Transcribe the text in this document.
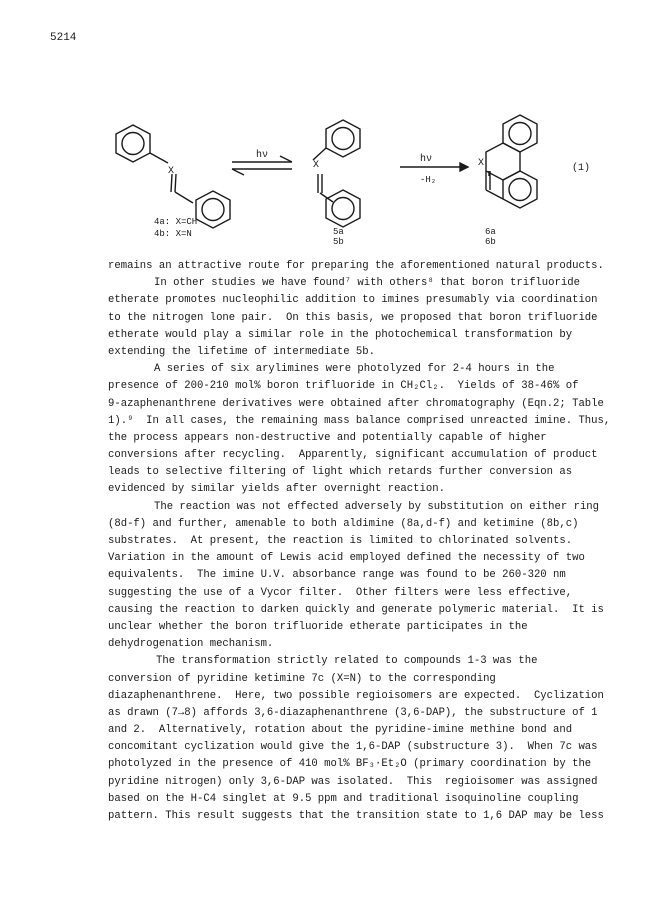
5214
X
X	X
hν	hν
-H₂
(1)
4a: X=CH
4b: X=N	5a
5b
6a
6b
remains an attractive route for preparing the aforementioned natural products.
In other studies we have found⁷ with others⁸ that boron trifluoride
etherate promotes nucleophilic addition to imines presumably via coordination
to the nitrogen lone pair.  On this basis, we proposed that boron trifluoride
etherate would play a similar role in the photochemical transformation by
extending the lifetime of intermediate 5b.
A series of six arylimines were photolyzed for 2-4 hours in the
presence of 200-210 mol% boron trifluoride in CH₂Cl₂.  Yields of 38-46% of
9-azaphenanthrene derivatives were obtained after chromatography (Eqn.2; Table
1).⁹  In all cases, the remaining mass balance comprised unreacted imine. Thus,
the process appears non-destructive and potentially capable of higher
conversions after recycling.  Apparently, significant accumulation of product
leads to selective filtering of light which retards further conversion as
evidenced by similar yields after overnight reaction.
The reaction was not effected adversely by substitution on either ring
(8d-f) and further, amenable to both aldimine (8a,d-f) and ketimine (8b,c)
substrates.  At present, the reaction is limited to chlorinated solvents.
Variation in the amount of Lewis acid employed defined the necessity of two
equivalents.  The imine U.V. absorbance range was found to be 260-320 nm
suggesting the use of a Vycor filter.  Other filters were less effective,
causing the reaction to darken quickly and generate polymeric material.  It is
unclear whether the boron trifluoride etherate participates in the
dehydrogenation mechanism.
The transformation strictly related to compounds 1-3 was the
conversion of pyridine ketimine 7c (X=N) to the corresponding
diazaphenanthrene.  Here, two possible regioisomers are expected.  Cyclization
as drawn (7→8) affords 3,6-diazaphenanthrene (3,6-DAP), the substructure of 1
and 2.  Alternatively, rotation about the pyridine-imine methine bond and
concomitant cyclization would give the 1,6-DAP (substructure 3).  When 7c was
photolyzed in the presence of 410 mol% BF₃·Et₂O (primary coordination by the
pyridine nitrogen) only 3,6-DAP was isolated.  This  regioisomer was assigned
based on the H-C4 singlet at 9.5 ppm and traditional isoquinoline coupling
pattern. This result suggests that the transition state to 1,6 DAP may be less
